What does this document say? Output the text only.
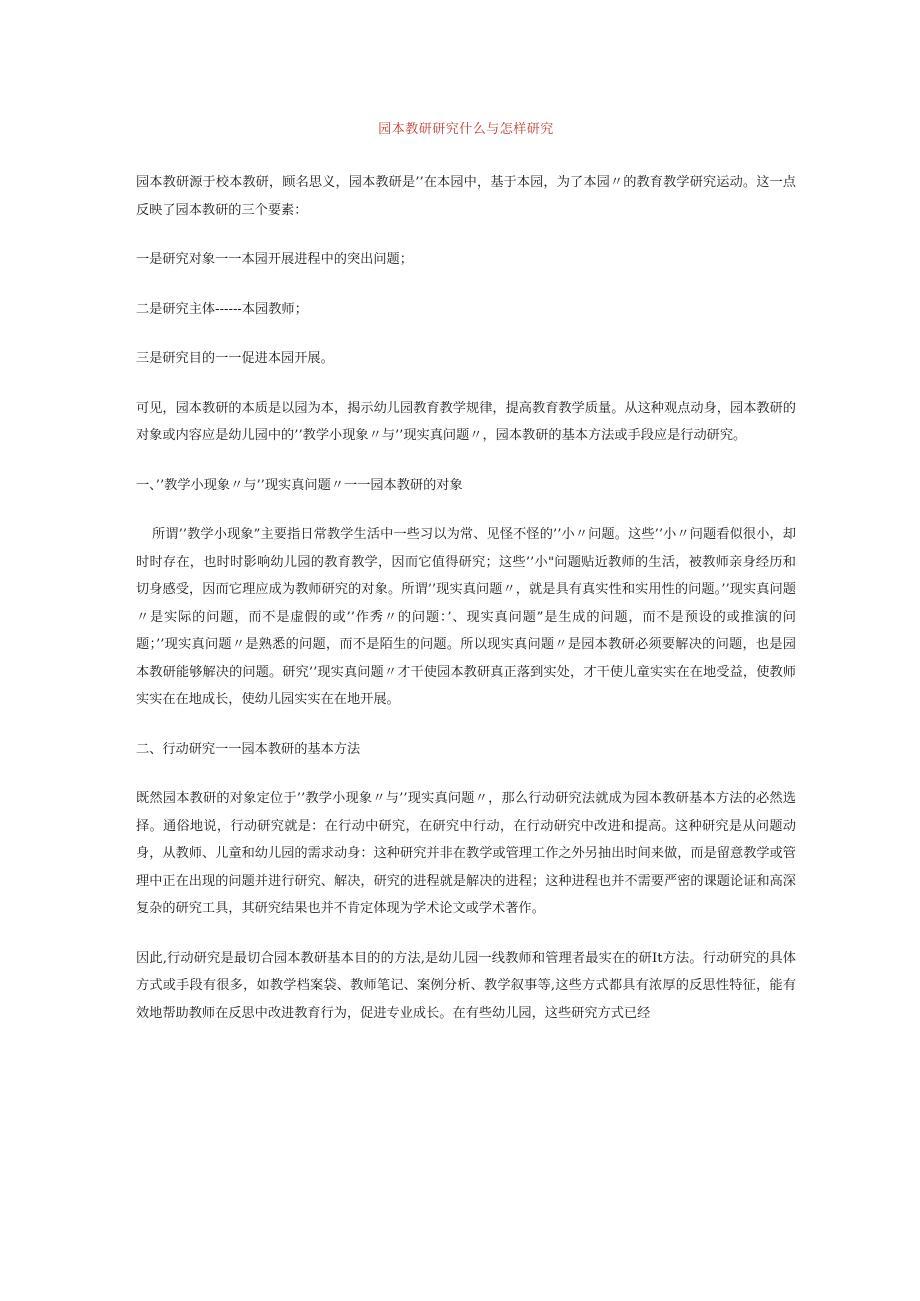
园本教研研究什么与怎样研究

园本教研源于校本教研，顾名思义，园本教研是’’在本园中，基于本园，为了本园〃的教育教学研究运动。这一点反映了园本教研的三个要素：

一是研究对象一一本园开展进程中的突出问题；

二是研究主体------本园教师；

三是研究目的一一促进本园开展。

可见，园本教研的本质是以园为本，揭示幼儿园教育教学规律，提高教育教学质量。从这种观点动身，园本教研的对象或内容应是幼儿园中的’’教学小现象〃与’’现实真问题〃，园本教研的基本方法或手段应是行动研究。

一、’’教学小现象〃与’’现实真问题〃一一园本教研的对象

所谓’’教学小现象”主要指日常教学生活中一些习以为常、见怪不怪的’’小〃问题。这些’’小〃问题看似很小，却时时存在，也时时影响幼儿园的教育教学，因而它值得研究；这些’’小"问题贴近教师的生活，被教师亲身经历和切身感受，因而它理应成为教师研究的对象。所谓’’现实真问题〃，就是具有真实性和实用性的问题。’’现实真问题〃是实际的问题，而不是虚假的或’’作秀〃的问题：’、现实真问题”是生成的问题，而不是预设的或推演的问题；’’现实真问题〃是熟悉的问题，而不是陌生的问题。所以现实真问题〃是园本教研必须要解决的问题，也是园本教研能够解决的问题。研究’’现实真问题〃才干使园本教研真正落到实处，才干使儿童实实在在地受益，使教师实实在在地成长，使幼儿园实实在在地开展。

二、行动研究一一园本教研的基本方法

既然园本教研的对象定位于’’教学小现象〃与’’现实真问题〃，那么行动研究法就成为园本教研基本方法的必然选择。通俗地说，行动研究就是：在行动中研究，在研究中行动，在行动研究中改进和提高。这种研究是从问题动身，从教师、儿童和幼儿园的需求动身：这种研究并非在教学或管理工作之外另抽出时间来做，而是留意教学或管理中正在出现的问题并进行研究、解决，研究的进程就是解决的进程；这种进程也并不需要严密的课题论证和高深复杂的研究工具，其研究结果也并不肯定体现为学术论文或学术著作。

因此,行动研究是最切合园本教研基本目的的方法,是幼儿园一线教师和管理者最实在的研It方法。行动研究的具体方式或手段有很多，如教学档案袋、教师笔记、案例分析、教学叙事等,这些方式都具有浓厚的反思性特征，能有效地帮助教师在反思中改进教育行为，促进专业成长。在有些幼儿园，这些研究方式已经
